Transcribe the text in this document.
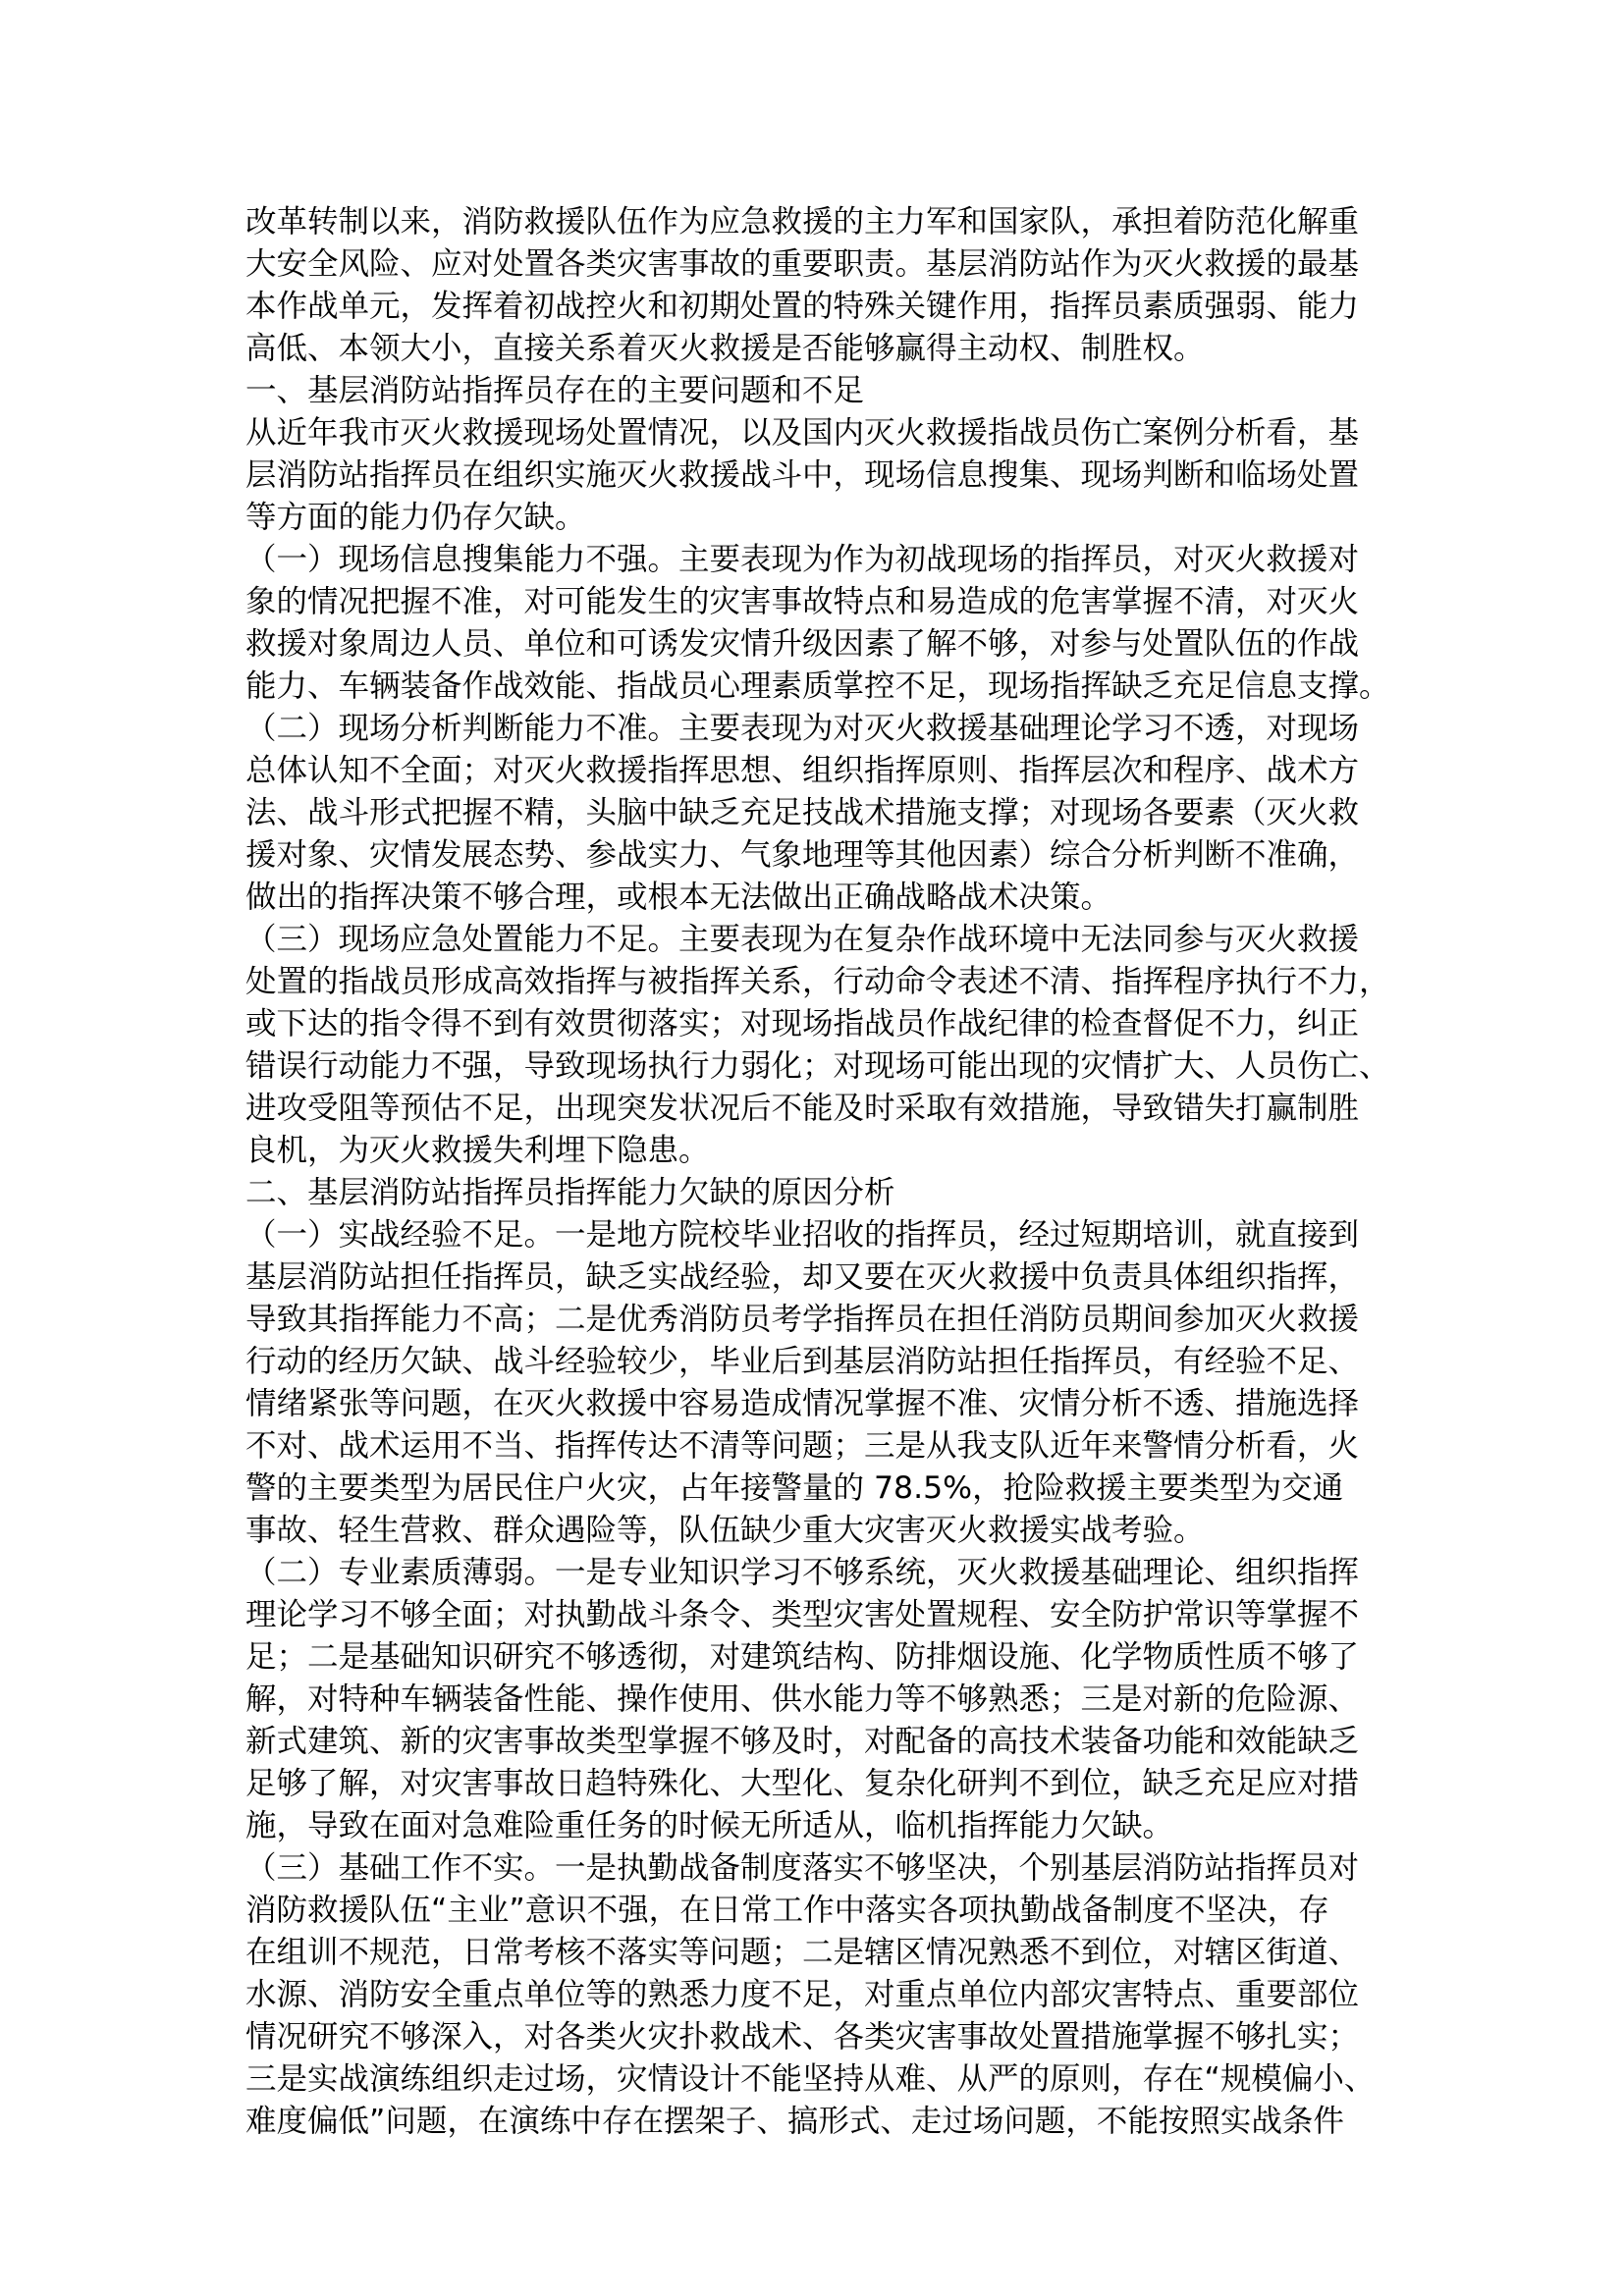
改革转制以来，消防救援队伍作为应急救援的主力军和国家队，承担着防范化解重
大安全风险、应对处置各类灾害事故的重要职责。基层消防站作为灭火救援的最基
本作战单元，发挥着初战控火和初期处置的特殊关键作用，指挥员素质强弱、能力
高低、本领大小，直接关系着灭火救援是否能够赢得主动权、制胜权。
一、基层消防站指挥员存在的主要问题和不足
从近年我市灭火救援现场处置情况，以及国内灭火救援指战员伤亡案例分析看，基
层消防站指挥员在组织实施灭火救援战斗中，现场信息搜集、现场判断和临场处置
等方面的能力仍存欠缺。
（一）现场信息搜集能力不强。主要表现为作为初战现场的指挥员，对灭火救援对
象的情况把握不准，对可能发生的灾害事故特点和易造成的危害掌握不清，对灭火
救援对象周边人员、单位和可诱发灾情升级因素了解不够，对参与处置队伍的作战
能力、车辆装备作战效能、指战员心理素质掌控不足，现场指挥缺乏充足信息支撑。
（二）现场分析判断能力不准。主要表现为对灭火救援基础理论学习不透，对现场
总体认知不全面；对灭火救援指挥思想、组织指挥原则、指挥层次和程序、战术方
法、战斗形式把握不精，头脑中缺乏充足技战术措施支撑；对现场各要素（灭火救
援对象、灾情发展态势、参战实力、气象地理等其他因素）综合分析判断不准确，
做出的指挥决策不够合理，或根本无法做出正确战略战术决策。
（三）现场应急处置能力不足。主要表现为在复杂作战环境中无法同参与灭火救援
处置的指战员形成高效指挥与被指挥关系，行动命令表述不清、指挥程序执行不力，
或下达的指令得不到有效贯彻落实；对现场指战员作战纪律的检查督促不力，纠正
错误行动能力不强，导致现场执行力弱化；对现场可能出现的灾情扩大、人员伤亡、
进攻受阻等预估不足，出现突发状况后不能及时采取有效措施，导致错失打赢制胜
良机，为灭火救援失利埋下隐患。
二、基层消防站指挥员指挥能力欠缺的原因分析
（一）实战经验不足。一是地方院校毕业招收的指挥员，经过短期培训，就直接到
基层消防站担任指挥员，缺乏实战经验，却又要在灭火救援中负责具体组织指挥，
导致其指挥能力不高；二是优秀消防员考学指挥员在担任消防员期间参加灭火救援
行动的经历欠缺、战斗经验较少，毕业后到基层消防站担任指挥员，有经验不足、
情绪紧张等问题，在灭火救援中容易造成情况掌握不准、灾情分析不透、措施选择
不对、战术运用不当、指挥传达不清等问题；三是从我支队近年来警情分析看，火
警的主要类型为居民住户火灾，占年接警量的 78.5%，抢险救援主要类型为交通
事故、轻生营救、群众遇险等，队伍缺少重大灾害灭火救援实战考验。
（二）专业素质薄弱。一是专业知识学习不够系统，灭火救援基础理论、组织指挥
理论学习不够全面；对执勤战斗条令、类型灾害处置规程、安全防护常识等掌握不
足；二是基础知识研究不够透彻，对建筑结构、防排烟设施、化学物质性质不够了
解，对特种车辆装备性能、操作使用、供水能力等不够熟悉；三是对新的危险源、
新式建筑、新的灾害事故类型掌握不够及时，对配备的高技术装备功能和效能缺乏
足够了解，对灾害事故日趋特殊化、大型化、复杂化研判不到位，缺乏充足应对措
施，导致在面对急难险重任务的时候无所适从，临机指挥能力欠缺。
（三）基础工作不实。一是执勤战备制度落实不够坚决，个别基层消防站指挥员对
消防救援队伍“主业”意识不强，在日常工作中落实各项执勤战备制度不坚决，存
在组训不规范，日常考核不落实等问题；二是辖区情况熟悉不到位，对辖区街道、
水源、消防安全重点单位等的熟悉力度不足，对重点单位内部灾害特点、重要部位
情况研究不够深入，对各类火灾扑救战术、各类灾害事故处置措施掌握不够扎实；
三是实战演练组织走过场，灾情设计不能坚持从难、从严的原则，存在“规模偏小、
难度偏低”问题，在演练中存在摆架子、搞形式、走过场问题，不能按照实战条件
